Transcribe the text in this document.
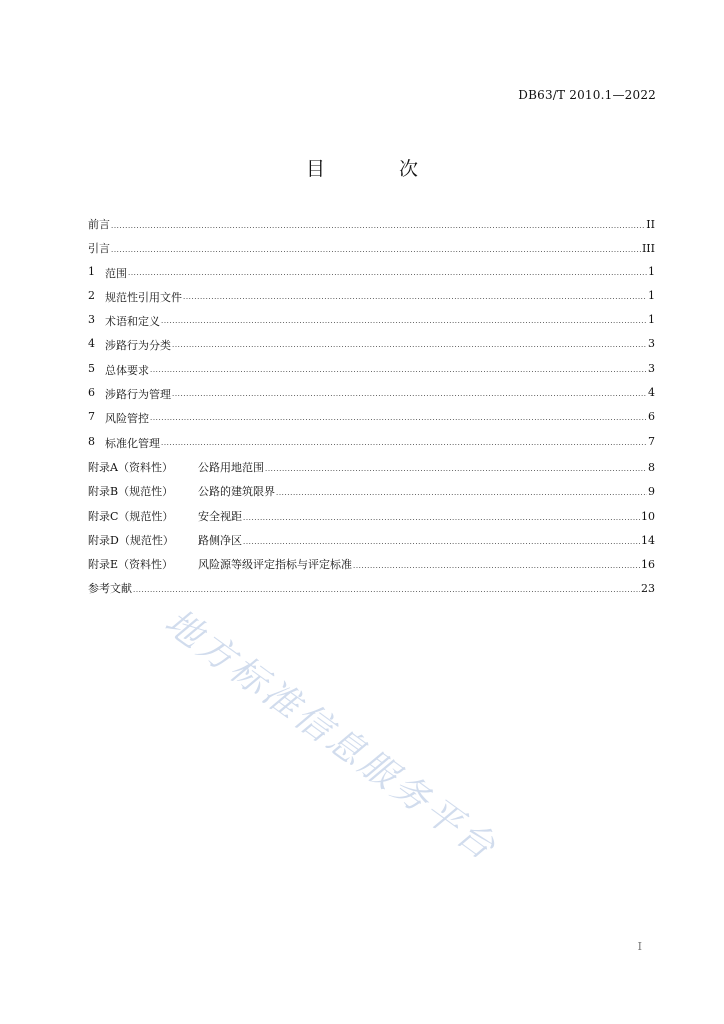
DB63/T 2010.1—2022
目 次
前言 .....	II
引言 .....	III
1 范围 .....	1
2 规范性引用文件 .....	1
3 术语和定义 .....	1
4 涉路行为分类 .....	3
5 总体要求 .....	3
6 涉路行为管理 .....	4
7 风险管控 .....	6
8 标准化管理 .....	7
附录A（资料性）	公路用地范围 .....	8
附录B（规范性）	公路的建筑限界 .....	9
附录C（规范性）	安全视距 .....	10
附录D（规范性）	路侧净区 .....	14
附录E（资料性）	风险源等级评定指标与评定标准 .....	16
参考文献 .....	23
地方标准信息服务平台
I
